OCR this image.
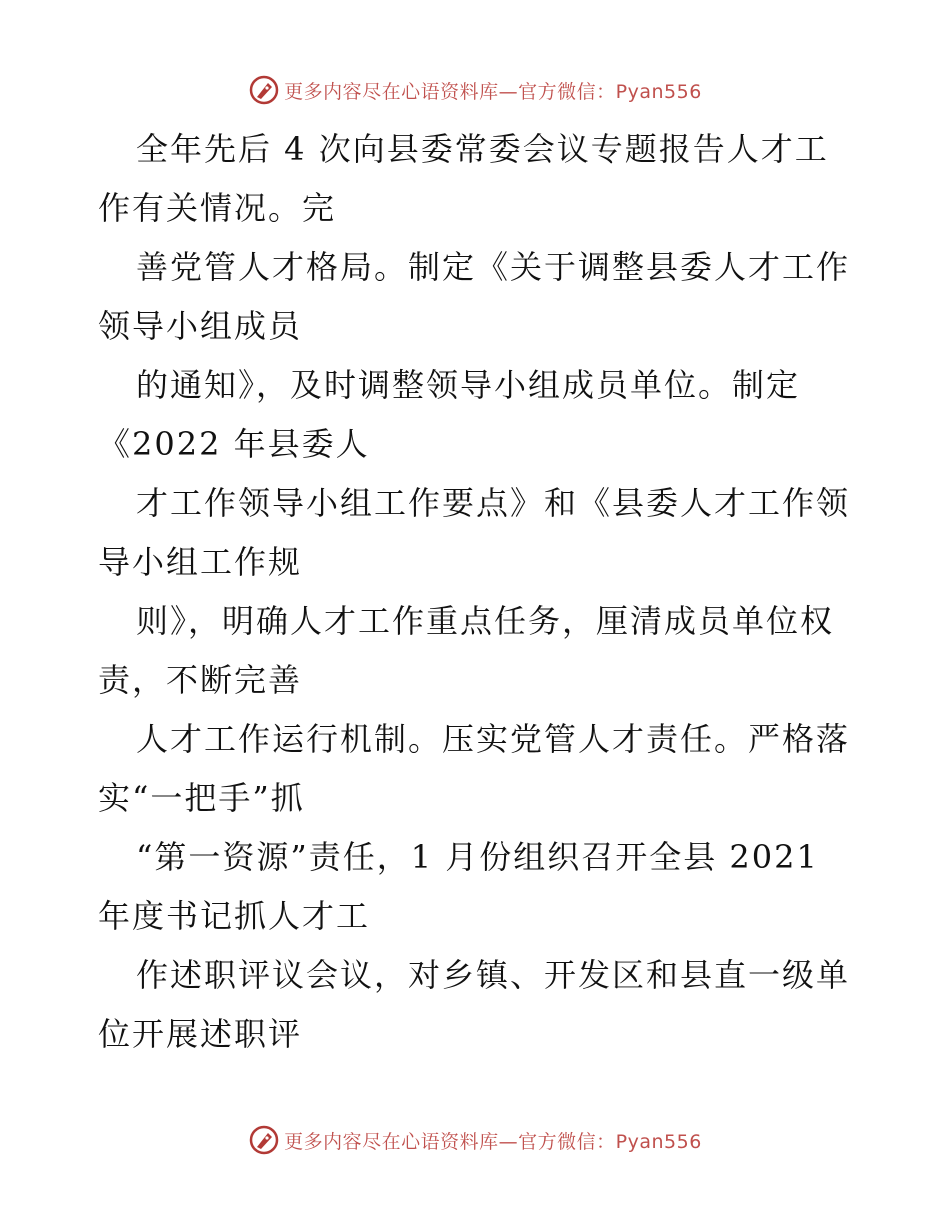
更多内容尽在心语资料库—官方微信：Pyan556
全年先后 4 次向县委常委会议专题报告人才工
作有关情况。完
善党管人才格局。制定《关于调整县委人才工作
领导小组成员
的通知》，及时调整领导小组成员单位。制定
《2022 年县委人
才工作领导小组工作要点》和《县委人才工作领
导小组工作规
则》，明确人才工作重点任务，厘清成员单位权
责，不断完善
人才工作运行机制。压实党管人才责任。严格落
实“一把手”抓
“第一资源”责任，1 月份组织召开全县 2021
年度书记抓人才工
作述职评议会议，对乡镇、开发区和县直一级单
位开展述职评
更多内容尽在心语资料库—官方微信：Pyan556
